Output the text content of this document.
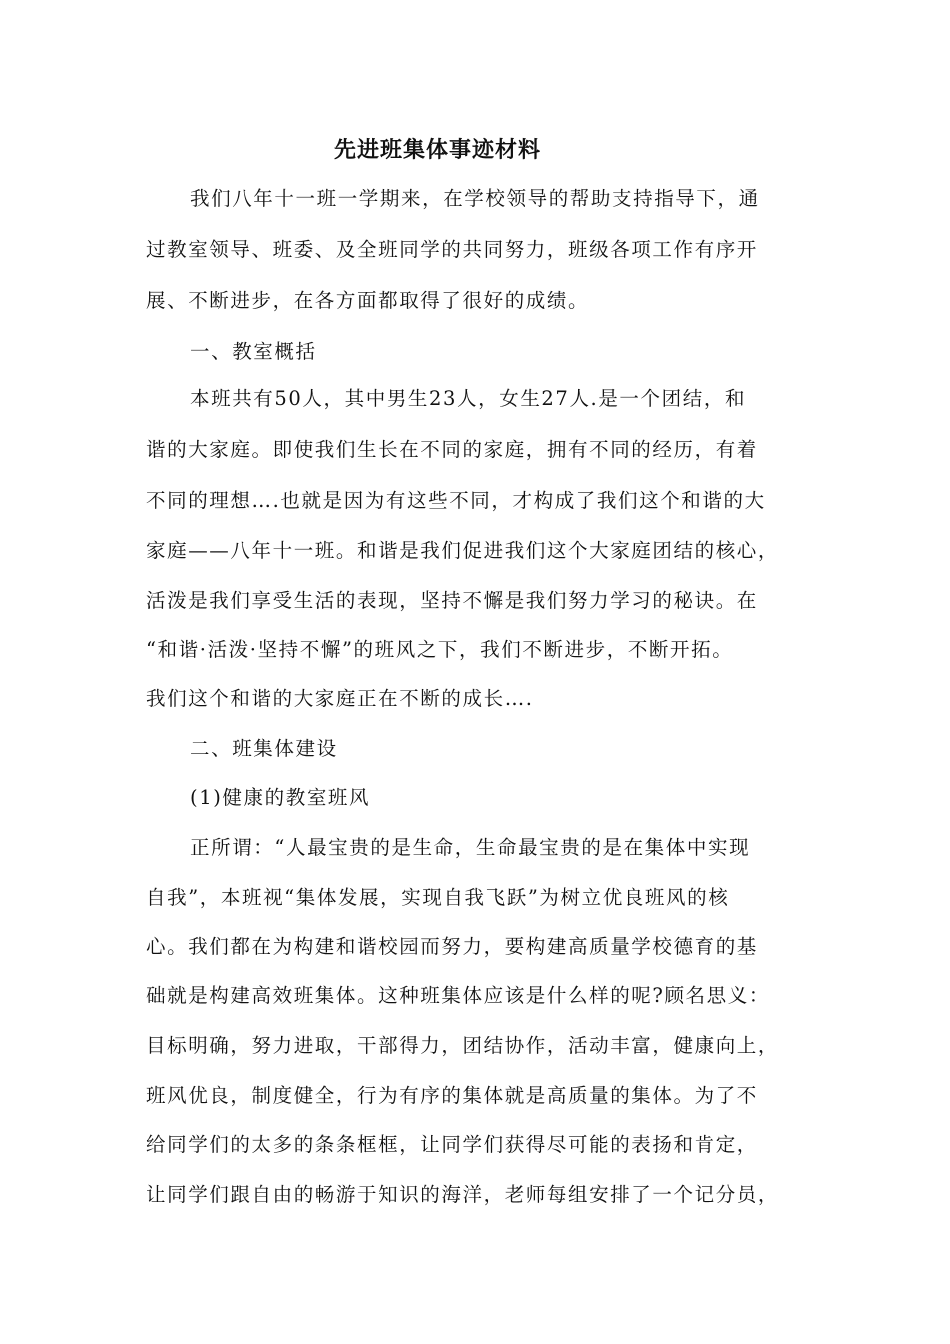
先进班集体事迹材料
我们八年十一班一学期来，在学校领导的帮助支持指导下，通
过教室领导、班委、及全班同学的共同努力，班级各项工作有序开
展、不断进步，在各方面都取得了很好的成绩。
一、教室概括
本班共有50人，其中男生23人，女生27人.是一个团结，和
谐的大家庭。即使我们生长在不同的家庭，拥有不同的经历，有着
不同的理想….也就是因为有这些不同，才构成了我们这个和谐的大
家庭——八年十一班。和谐是我们促进我们这个大家庭团结的核心，
活泼是我们享受生活的表现，坚持不懈是我们努力学习的秘诀。在
“和谐·活泼·坚持不懈”的班风之下，我们不断进步，不断开拓。
我们这个和谐的大家庭正在不断的成长….
二、班集体建设
(1)健康的教室班风
正所谓：“人最宝贵的是生命，生命最宝贵的是在集体中实现
自我”，本班视“集体发展，实现自我飞跃”为树立优良班风的核
心。我们都在为构建和谐校园而努力，要构建高质量学校德育的基
础就是构建高效班集体。这种班集体应该是什么样的呢?顾名思义：
目标明确，努力进取，干部得力，团结协作，活动丰富，健康向上，
班风优良，制度健全，行为有序的集体就是高质量的集体。为了不
给同学们的太多的条条框框，让同学们获得尽可能的表扬和肯定，
让同学们跟自由的畅游于知识的海洋，老师每组安排了一个记分员，
